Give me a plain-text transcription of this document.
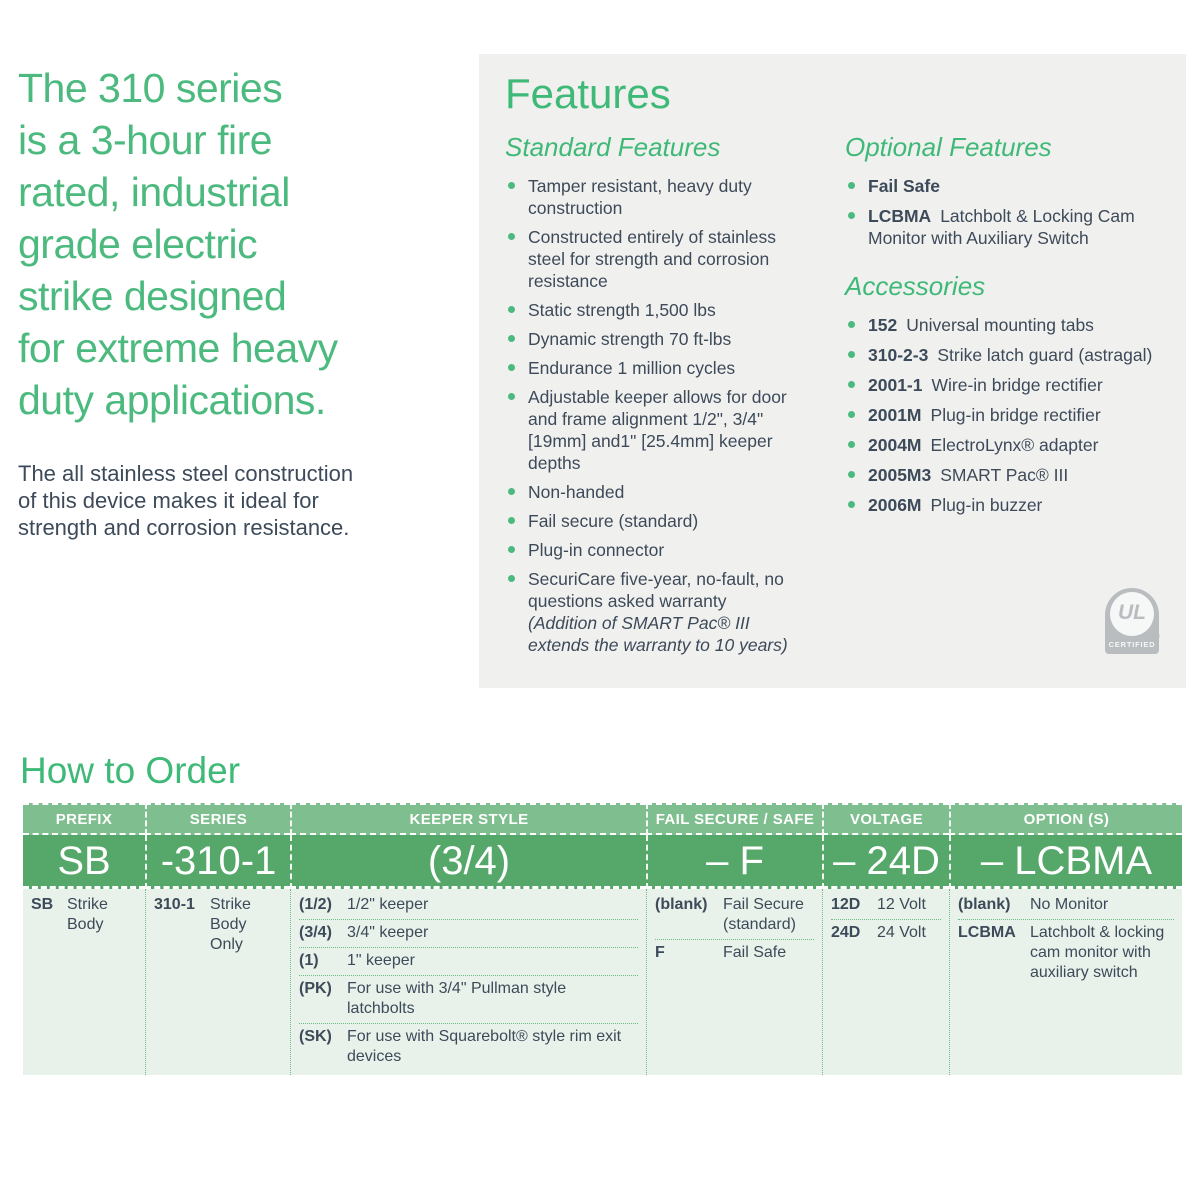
The 310 series
is a 3-hour fire
rated, industrial
grade electric
strike designed
for extreme heavy
duty applications.

The all stainless steel construction of this device makes it ideal for strength and corrosion resistance.

Features
Standard Features
Tamper resistant, heavy duty construction
Constructed entirely of stainless steel for strength and corrosion resistance
Static strength 1,500 lbs
Dynamic strength 70 ft-lbs
Endurance 1 million cycles
Adjustable keeper allows for door and frame alignment 1/2", 3/4" [19mm] and1" [25.4mm] keeper depths
Non-handed
Fail secure (standard)
Plug-in connector
SecuriCare five-year, no-fault, no questions asked warranty
(Addition of SMART Pac® III extends the warranty to 10 years)
Optional Features
Fail Safe
LCBMA Latchbolt & Locking Cam Monitor with Auxiliary Switch
Accessories
152 Universal mounting tabs
310-2-3 Strike latch guard (astragal)
2001-1 Wire-in bridge rectifier
2001M Plug-in bridge rectifier
2004M ElectroLynx® adapter
2005M3 SMART Pac® III
2006M Plug-in buzzer
UL
®
CERTIFIED
How to Order
PREFIX	SERIES	KEEPER STYLE	FAIL SECURE / SAFE	VOLTAGE	OPTION (S)
SB	-310-1	(3/4)	– F	– 24D	– LCBMA
SB Strike Body
310-1 Strike Body Only
(1/2) 1/2" keeper
(3/4) 3/4" keeper
(1)	1" keeper
(PK) For use with 3/4" Pullman style latchbolts
(SK) For use with Squarebolt® style rim exit devices
(blank) Fail Secure (standard)
F	Fail Safe
12D	12 Volt
24D	24 Volt
(blank)	No Monitor
LCBMA Latchbolt & locking cam monitor with auxiliary switch
